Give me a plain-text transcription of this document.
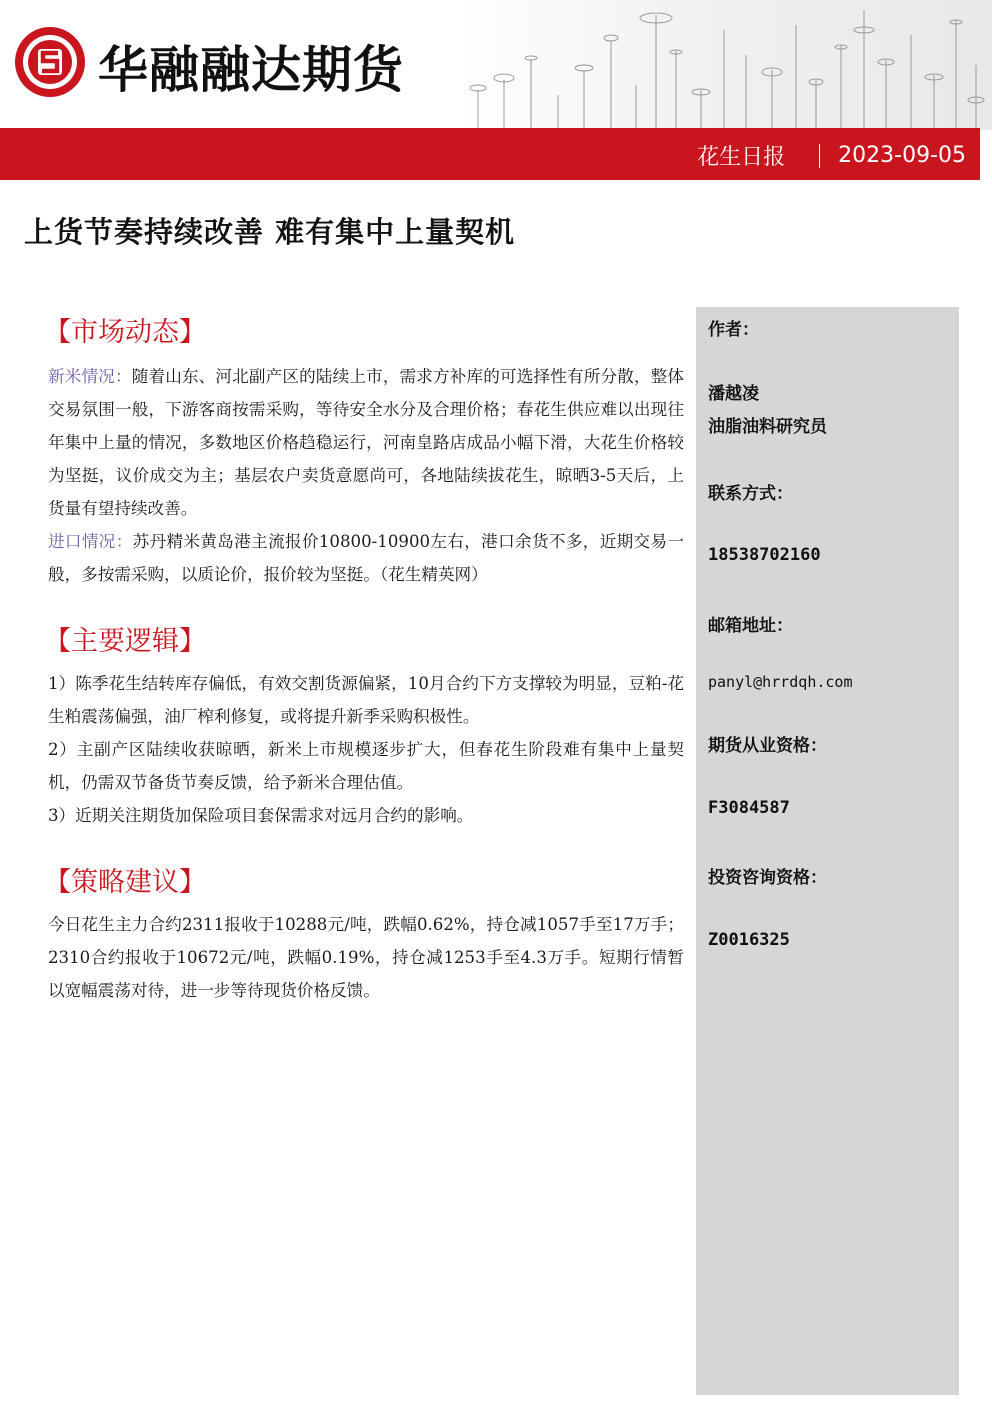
华融融达期货
花生日报 2023-09-05
上货节奏持续改善 难有集中上量契机
【市场动态】
新米情况：随着山东、河北副产区的陆续上市，需求方补库的可选择性有所分散，整体交易氛围一般，下游客商按需采购，等待安全水分及合理价格；春花生供应难以出现往年集中上量的情况，多数地区价格趋稳运行，河南皇路店成品小幅下滑，大花生价格较为坚挺，议价成交为主；基层农户卖货意愿尚可，各地陆续拔花生，晾晒3-5天后，上货量有望持续改善。
进口情况：苏丹精米黄岛港主流报价10800-10900左右，港口余货不多，近期交易一般，多按需采购，以质论价，报价较为坚挺。（花生精英网）
【主要逻辑】
1）陈季花生结转库存偏低，有效交割货源偏紧，10月合约下方支撑较为明显，豆粕-花生粕震荡偏强，油厂榨利修复，或将提升新季采购积极性。
2）主副产区陆续收获晾晒，新米上市规模逐步扩大，但春花生阶段难有集中上量契机，仍需双节备货节奏反馈，给予新米合理估值。
3）近期关注期货加保险项目套保需求对远月合约的影响。
【策略建议】
今日花生主力合约2311报收于10288元/吨，跌幅0.62%，持仓减1057手至17万手；2310合约报收于10672元/吨，跌幅0.19%，持仓减1253手至4.3万手。短期行情暂以宽幅震荡对待，进一步等待现货价格反馈。
作者：
潘越凌
油脂油料研究员
联系方式：
18538702160
邮箱地址：
panyl@hrrdqh.com
期货从业资格：
F3084587
投资咨询资格：
Z0016325
